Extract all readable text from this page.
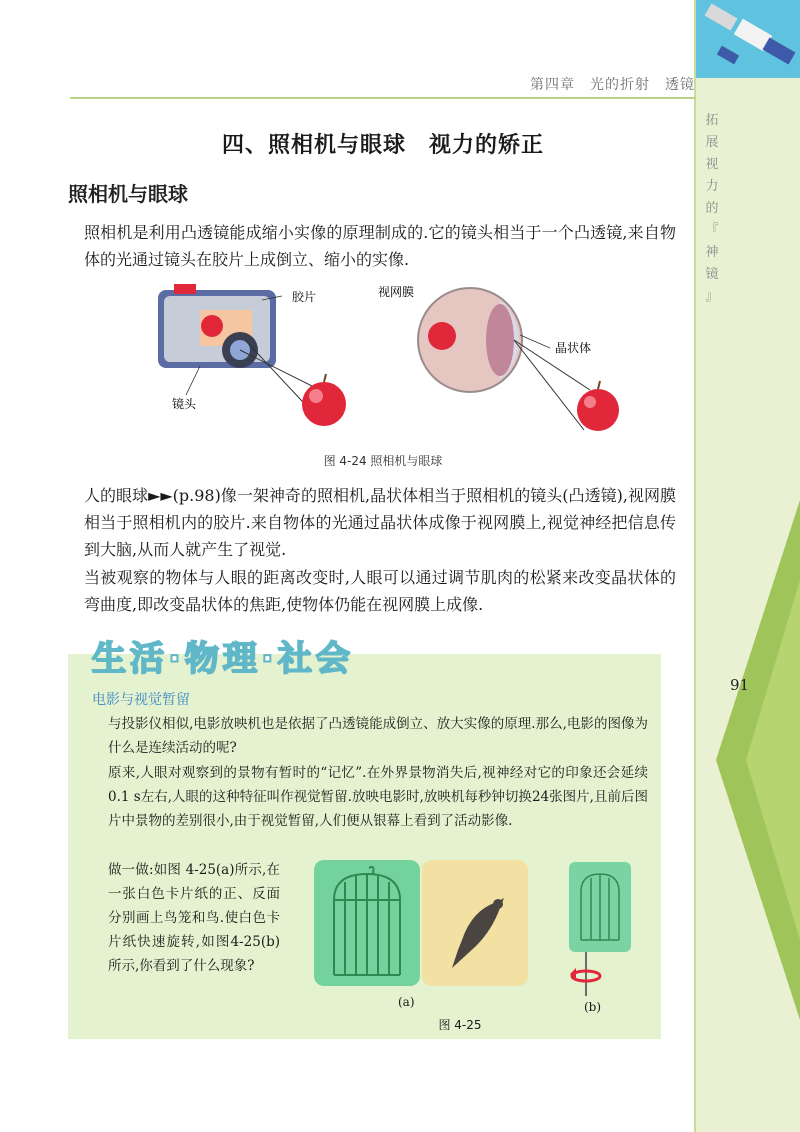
第四章　光的折射　透镜
拓
展
视
力
的
『
神
镜
』
91
四、照相机与眼球　视力的矫正
照相机与眼球
照相机是利用凸透镜能成缩小实像的原理制成的.它的镜头相当于一个凸透镜,来自物体的光通过镜头在胶片上成倒立、缩小的实像.
胶片
镜头
视网膜
晶状体
图 4-24 照相机与眼球
人的眼球►►(p.98)像一架神奇的照相机,晶状体相当于照相机的镜头(凸透镜),视网膜相当于照相机内的胶片.来自物体的光通过晶状体成像于视网膜上,视觉神经把信息传到大脑,从而人就产生了视觉.
当被观察的物体与人眼的距离改变时,人眼可以通过调节肌肉的松紧来改变晶状体的弯曲度,即改变晶状体的焦距,使物体仍能在视网膜上成像.
生活·物理·社会
电影与视觉暂留
与投影仪相似,电影放映机也是依据了凸透镜能成倒立、放大实像的原理.那么,电影的图像为什么是连续活动的呢?
原来,人眼对观察到的景物有暂时的“记忆”.在外界景物消失后,视神经对它的印象还会延续0.1 s左右,人眼的这种特征叫作视觉暂留.放映电影时,放映机每秒钟切换24张图片,且前后图片中景物的差别很小,由于视觉暂留,人们便从银幕上看到了活动影像.
做一做:如图 4-25(a)所示,在一张白色卡片纸的正、反面分别画上鸟笼和鸟.使白色卡片纸快速旋转,如图4-25(b)所示,你看到了什么现象?
(a)	(b)
图 4-25
